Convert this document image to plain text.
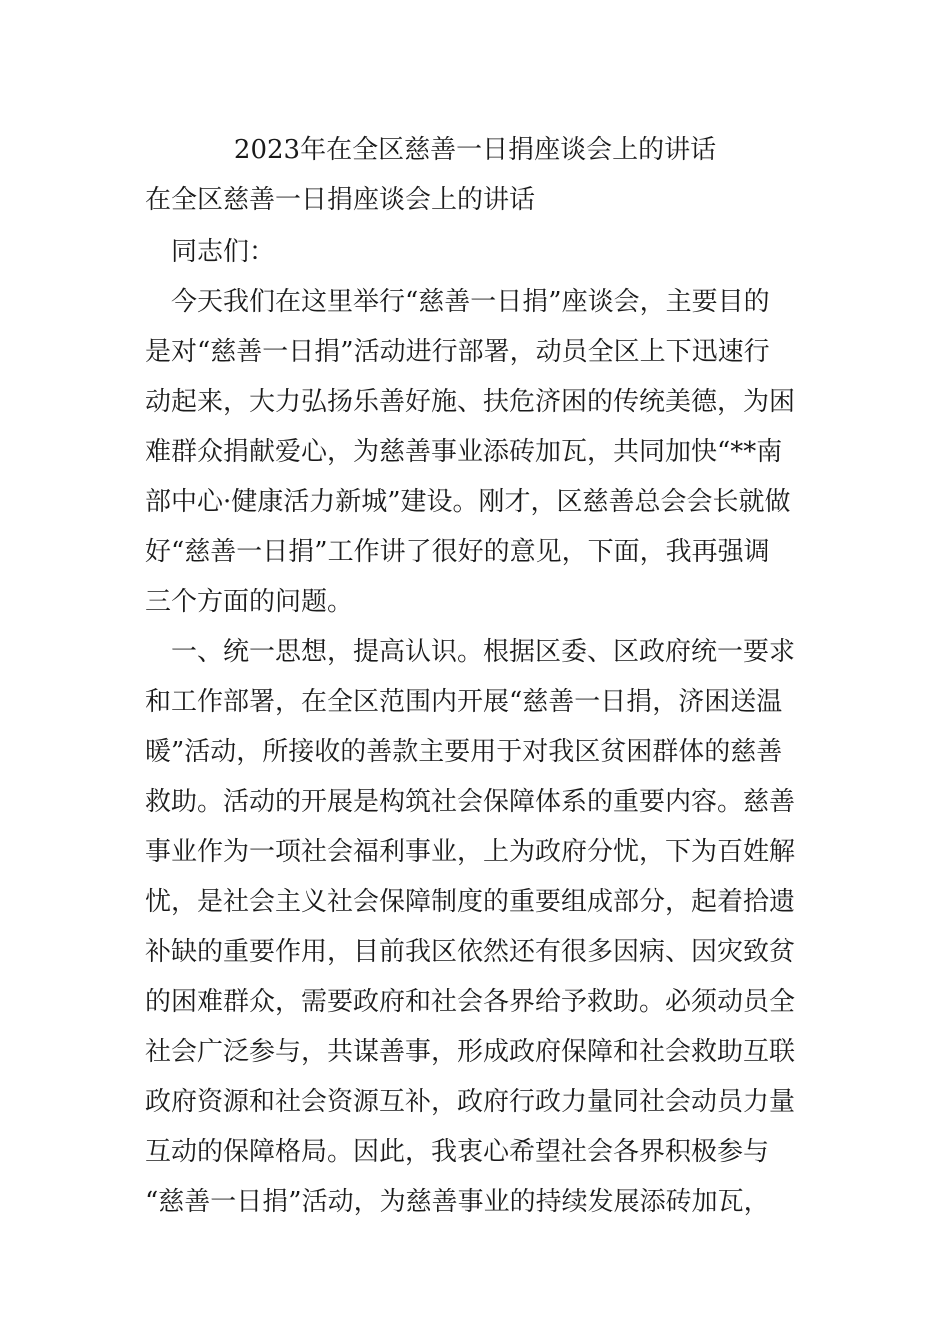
2023年在全区慈善一日捐座谈会上的讲话
在全区慈善一日捐座谈会上的讲话
　同志们：
　今天我们在这里举行“慈善一日捐”座谈会，主要目的
是对“慈善一日捐”活动进行部署，动员全区上下迅速行
动起来，大力弘扬乐善好施、扶危济困的传统美德，为困
难群众捐献爱心，为慈善事业添砖加瓦，共同加快“**南
部中心·健康活力新城”建设。刚才，区慈善总会会长就做
好“慈善一日捐”工作讲了很好的意见，下面，我再强调
三个方面的问题。
　一、统一思想，提高认识。根据区委、区政府统一要求
和工作部署，在全区范围内开展“慈善一日捐，济困送温
暖”活动，所接收的善款主要用于对我区贫困群体的慈善
救助。活动的开展是构筑社会保障体系的重要内容。慈善
事业作为一项社会福利事业，上为政府分忧，下为百姓解
忧，是社会主义社会保障制度的重要组成部分，起着拾遗
补缺的重要作用，目前我区依然还有很多因病、因灾致贫
的困难群众，需要政府和社会各界给予救助。必须动员全
社会广泛参与，共谋善事，形成政府保障和社会救助互联
政府资源和社会资源互补，政府行政力量同社会动员力量
互动的保障格局。因此，我衷心希望社会各界积极参与
“慈善一日捐”活动，为慈善事业的持续发展添砖加瓦，
